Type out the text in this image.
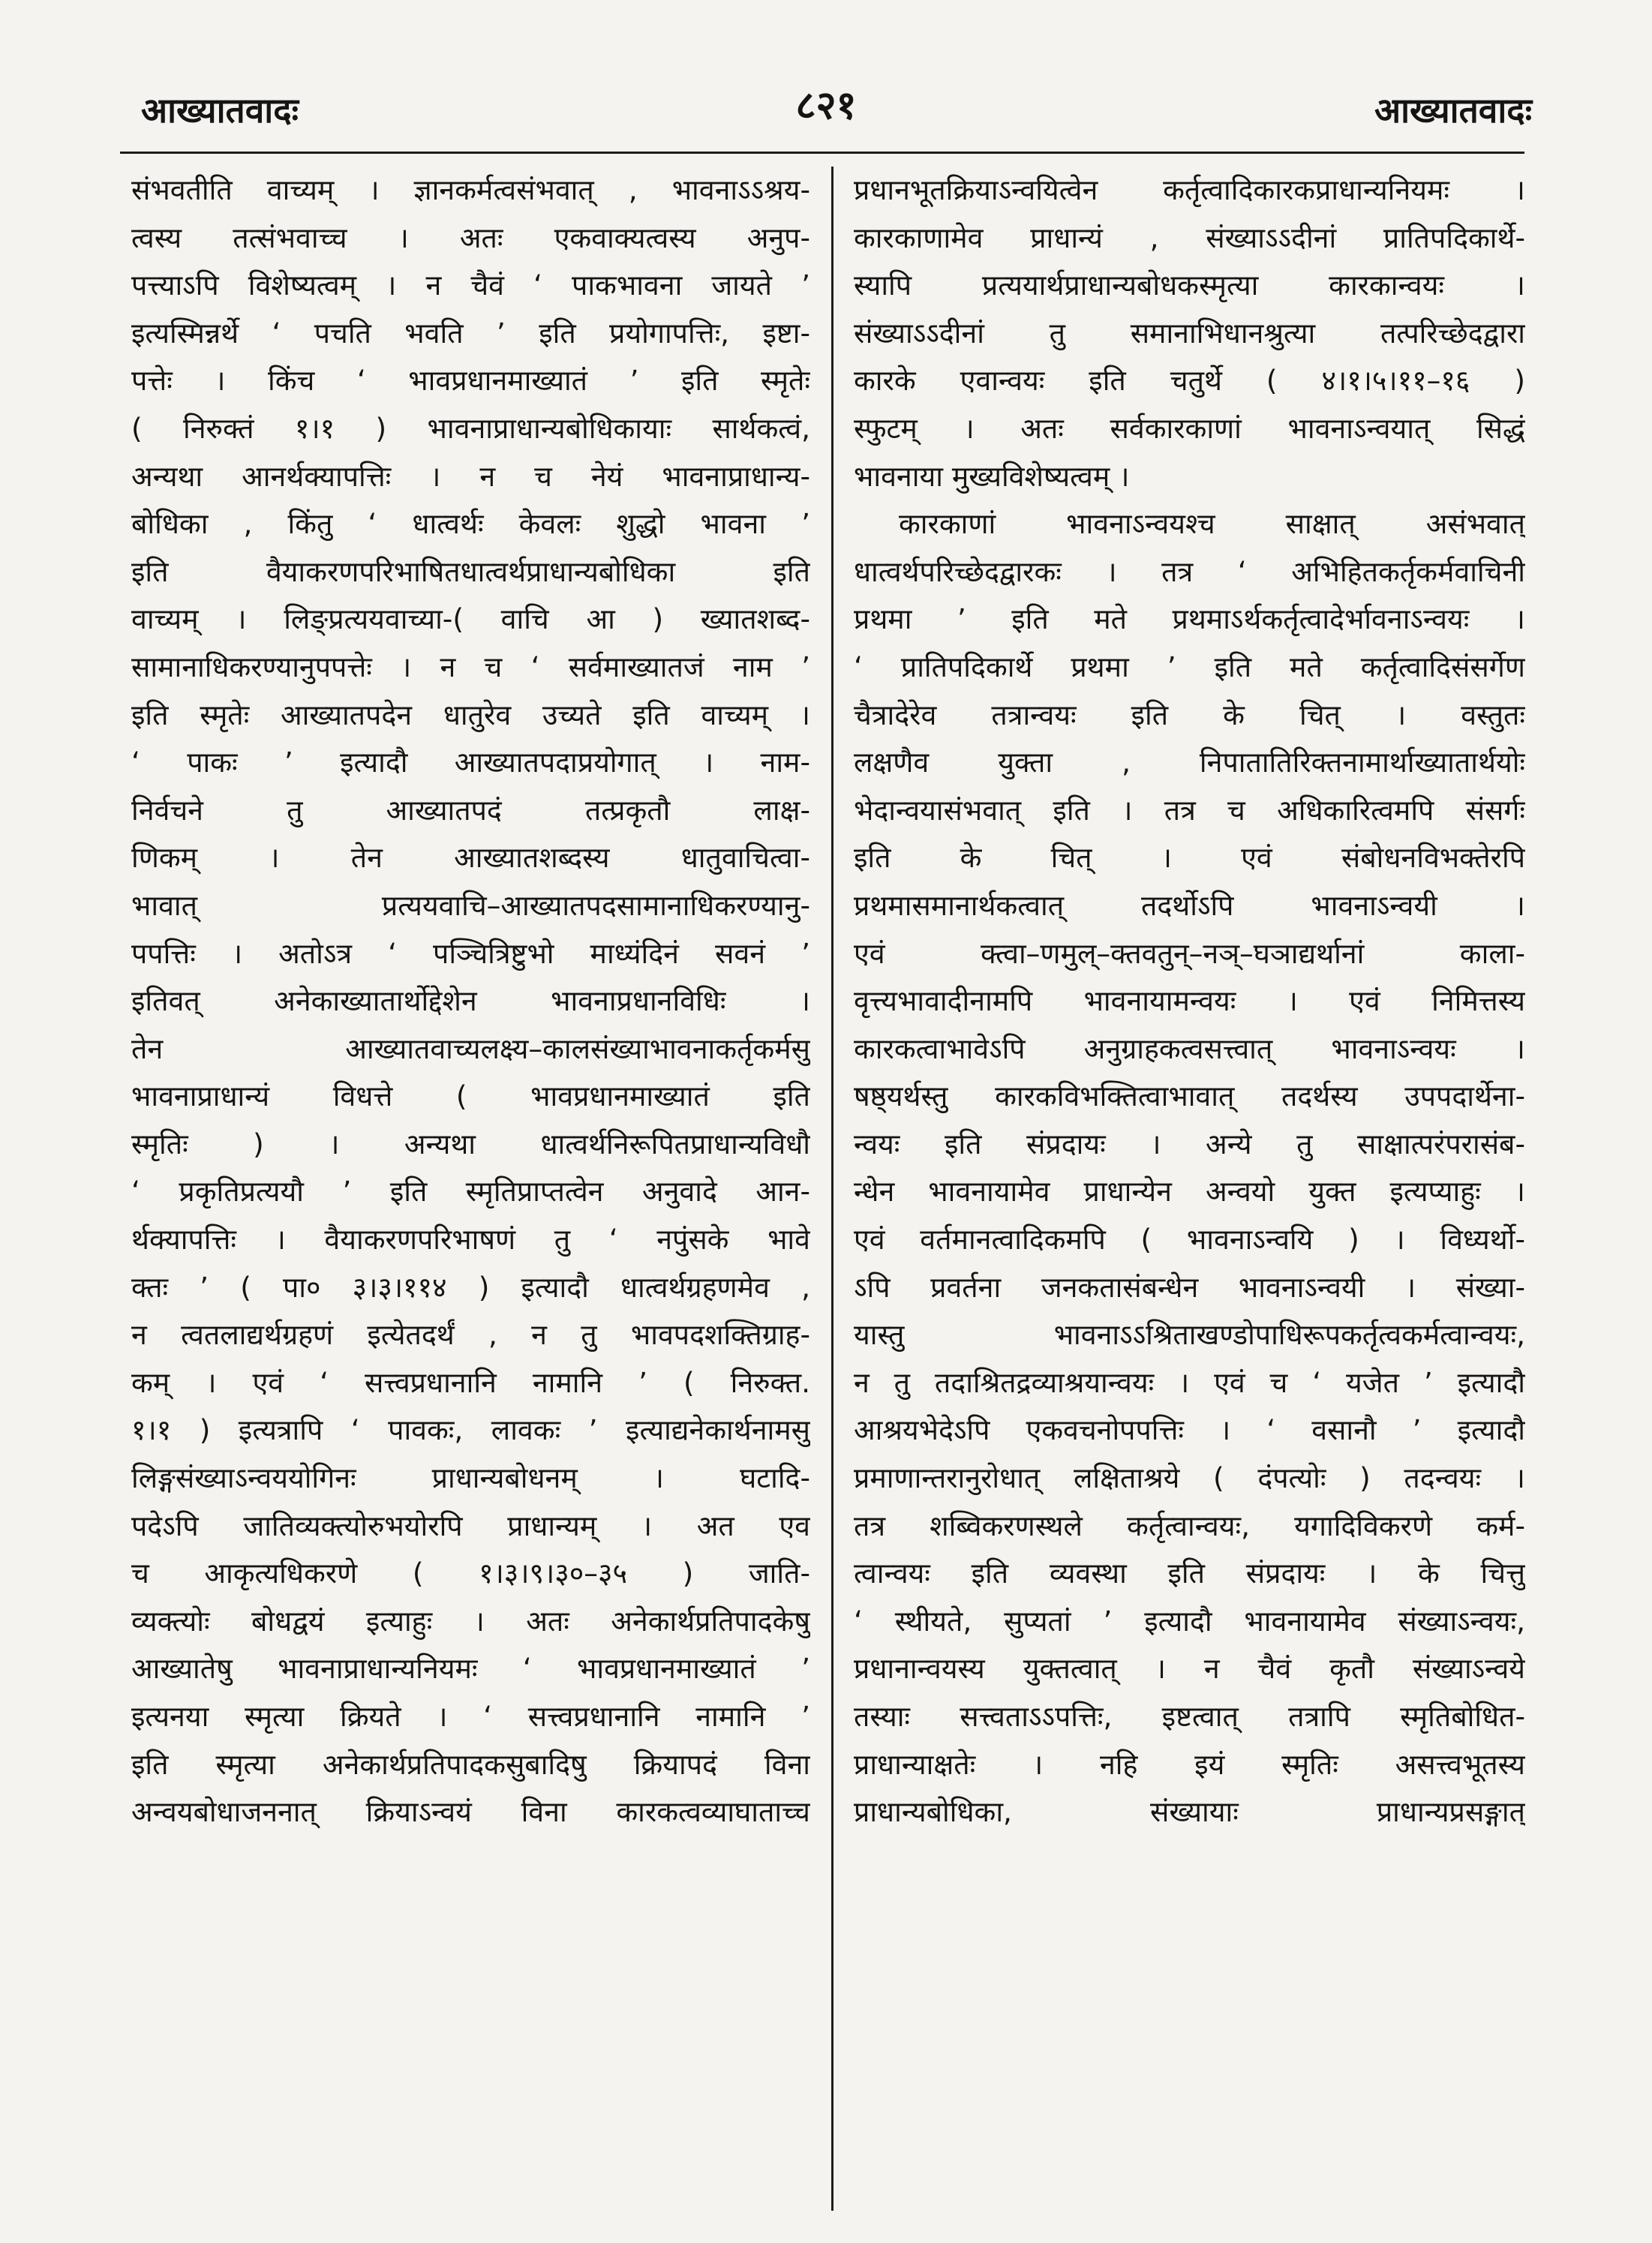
आख्यातवादः	८२१	आख्यातवादः
संभवतीति वाच्यम् । ज्ञानकर्मत्वसंभवात् , भावनाऽऽश्रय-
त्वस्य तत्संभवाच्च । अतः एकवाक्यत्वस्य अनुप-
पत्त्याऽपि विशेष्यत्वम् । न चैवं ‘ पाकभावना जायते ’
इत्यस्मिन्नर्थे ‘ पचति भवति ’ इति प्रयोगापत्तिः, इष्टा-
पत्तेः । किंच ‘ भावप्रधानमाख्यातं ’ इति स्मृतेः
( निरुक्तं १।१ ) भावनाप्राधान्यबोधिकायाः सार्थकत्वं,
अन्यथा आनर्थक्यापत्तिः । न च नेयं भावनाप्राधान्य-
बोधिका , किंतु ‘ धात्वर्थः केवलः शुद्धो भावना ’
इति वैयाकरणपरिभाषितधात्वर्थप्राधान्यबोधिका इति
वाच्यम् । लिङ्प्रत्ययवाच्या-( वाचि आ ) ख्यातशब्द-
सामानाधिकरण्यानुपपत्तेः । न च ‘ सर्वमाख्यातजं नाम ’
इति स्मृतेः आख्यातपदेन धातुरेव उच्यते इति वाच्यम् ।
‘ पाकः ’ इत्यादौ आख्यातपदाप्रयोगात् । नाम-
निर्वचने तु आख्यातपदं तत्प्रकृतौ लाक्ष-
णिकम् । तेन आख्यातशब्दस्य धातुवाचित्वा-
भावात् प्रत्ययवाचि–आख्यातपदसामानाधिकरण्यानु-
पपत्तिः । अतोऽत्र ‘ पञ्चित्रिष्टुभो माध्यंदिनं सवनं ’
इतिवत् अनेकाख्यातार्थोद्देशेन भावनाप्रधानविधिः ।
तेन आख्यातवाच्यलक्ष्य–कालसंख्याभावनाकर्तृकर्मसु
भावनाप्राधान्यं विधत्ते ( भावप्रधानमाख्यातं इति
स्मृतिः ) । अन्यथा धात्वर्थनिरूपितप्राधान्यविधौ
‘ प्रकृतिप्रत्ययौ ’ इति स्मृतिप्राप्तत्वेन अनुवादे आन-
र्थक्यापत्तिः । वैयाकरणपरिभाषणं तु ‘ नपुंसके भावे
क्तः ’ ( पा० ३।३।११४ ) इत्यादौ धात्वर्थग्रहणमेव ,
न त्वतलाद्यर्थग्रहणं इत्येतदर्थं , न तु भावपदशक्तिग्राह-
कम् । एवं ‘ सत्त्वप्रधानानि नामानि ’ ( निरुक्त.
१।१ ) इत्यत्रापि ‘ पावकः, लावकः ’ इत्याद्यनेकार्थनामसु
लिङ्गसंख्याऽन्वययोगिनः प्राधान्यबोधनम् । घटादि-
पदेऽपि जातिव्यक्त्योरुभयोरपि प्राधान्यम् । अत एव
च आकृत्यधिकरणे ( १।३।९।३०–३५ ) जाति-
व्यक्त्योः बोधद्वयं इत्याहुः । अतः अनेकार्थप्रतिपादकेषु
आख्यातेषु भावनाप्राधान्यनियमः ‘ भावप्रधानमाख्यातं ’
इत्यनया स्मृत्या क्रियते । ‘ सत्त्वप्रधानानि नामानि ’
इति स्मृत्या अनेकार्थप्रतिपादकसुबादिषु क्रियापदं विना
अन्वयबोधाजननात् क्रियाऽन्वयं विना कारकत्वव्याघाताच्च
प्रधानभूतक्रियाऽन्वयित्वेन कर्तृत्वादिकारकप्राधान्यनियमः ।
कारकाणामेव प्राधान्यं , संख्याऽऽदीनां प्रातिपदिकार्थे-
स्यापि प्रत्ययार्थप्राधान्यबोधकस्मृत्या कारकान्वयः ।
संख्याऽऽदीनां तु समानाभिधानश्रुत्या तत्परिच्छेदद्वारा
कारके एवान्वयः इति चतुर्थे ( ४।१।५।११–१६ )
स्फुटम् । अतः सर्वकारकाणां भावनाऽन्वयात् सिद्धं
भावनाया मुख्यविशेष्यत्वम् ।
कारकाणां भावनाऽन्वयश्च साक्षात् असंभवात्
धात्वर्थपरिच्छेदद्वारकः । तत्र ‘ अभिहितकर्तृकर्मवाचिनी
प्रथमा ’ इति मते प्रथमाऽर्थकर्तृत्वादेर्भावनाऽन्वयः ।
‘ प्रातिपदिकार्थे प्रथमा ’ इति मते कर्तृत्वादिसंसर्गेण
चैत्रादेरेव तत्रान्वयः इति के चित् । वस्तुतः
लक्षणैव युक्ता , निपातातिरिक्तनामार्थाख्यातार्थयोः
भेदान्वयासंभवात् इति । तत्र च अधिकारित्वमपि संसर्गः
इति के चित् । एवं संबोधनविभक्तेरपि
प्रथमासमानार्थकत्वात् तदर्थोऽपि भावनाऽन्वयी ।
एवं क्त्वा–णमुल्–क्तवतुन्–नञ्–घञाद्यर्थानां काला-
वृत्त्यभावादीनामपि भावनायामन्वयः । एवं निमित्तस्य
कारकत्वाभावेऽपि अनुग्राहकत्वसत्त्वात् भावनाऽन्वयः ।
षष्ठ्यर्थस्तु कारकविभक्तित्वाभावात् तदर्थस्य उपपदार्थेना-
न्वयः इति संप्रदायः । अन्ये तु साक्षात्परंपरासंब-
न्धेन भावनायामेव प्राधान्येन अन्वयो युक्त इत्यप्याहुः ।
एवं वर्तमानत्वादिकमपि ( भावनाऽन्वयि ) । विध्यर्थो-
ऽपि प्रवर्तना जनकतासंबन्धेन भावनाऽन्वयी । संख्या-
यास्तु भावनाऽऽश्रिताखण्डोपाधिरूपकर्तृत्वकर्मत्वान्वयः,
न तु तदाश्रितद्रव्याश्रयान्वयः । एवं च ‘ यजेत ’ इत्यादौ
आश्रयभेदेऽपि एकवचनोपपत्तिः । ‘ वसानौ ’ इत्यादौ
प्रमाणान्तरानुरोधात् लक्षिताश्रये ( दंपत्योः ) तदन्वयः ।
तत्र शब्विकरणस्थले कर्तृत्वान्वयः, यगादिविकरणे कर्म-
त्वान्वयः इति व्यवस्था इति संप्रदायः । के चित्तु
‘ स्थीयते, सुप्यतां ’ इत्यादौ भावनायामेव संख्याऽन्वयः,
प्रधानान्वयस्य युक्तत्वात् । न चैवं कृतौ संख्याऽन्वये
तस्याः सत्त्वताऽऽपत्तिः, इष्टत्वात् तत्रापि स्मृतिबोधित-
प्राधान्याक्षतेः । नहि इयं स्मृतिः असत्त्वभूतस्य
प्राधान्यबोधिका, संख्यायाः प्राधान्यप्रसङ्गात्
